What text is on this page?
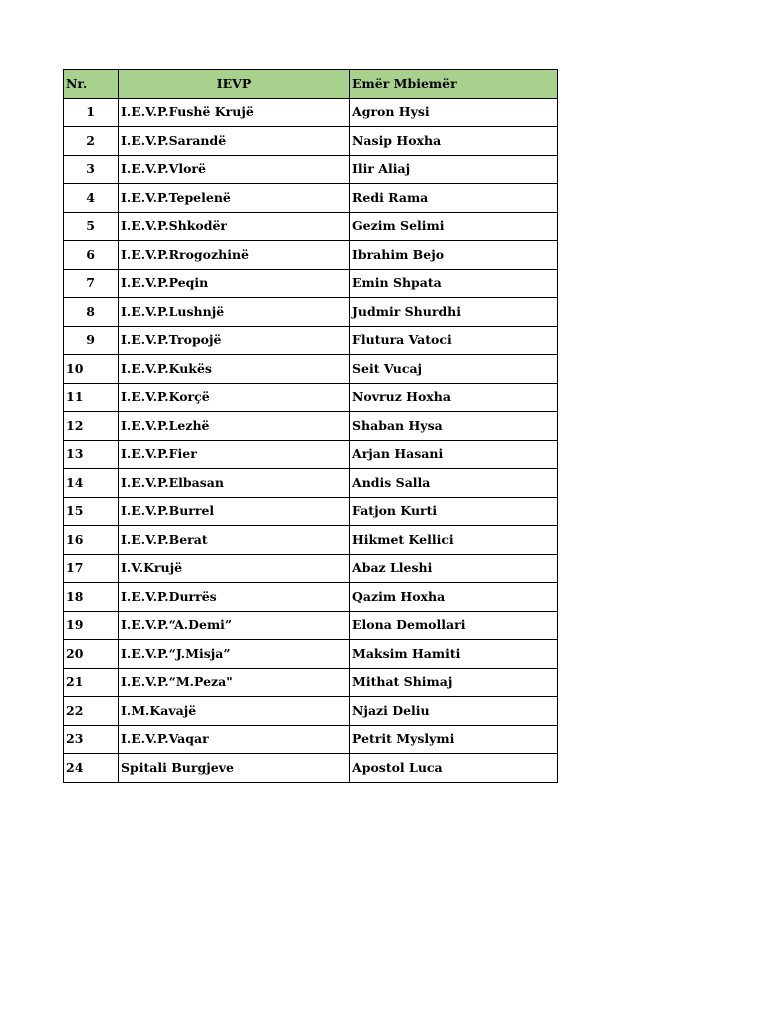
Nr.	IEVP	Emër Mbiemër
1	I.E.V.P.Fushë Krujë	Agron Hysi
2	I.E.V.P.Sarandë	Nasip Hoxha
3	I.E.V.P.Vlorë	Ilir Aliaj
4	I.E.V.P.Tepelenë	Redi Rama
5	I.E.V.P.Shkodër	Gezim Selimi
6	I.E.V.P.Rrogozhinë	Ibrahim Bejo
7	I.E.V.P.Peqin	Emin Shpata
8	I.E.V.P.Lushnjë	Judmir Shurdhi
9	I.E.V.P.Tropojë	Flutura Vatoci
10	I.E.V.P.Kukës	Seit Vucaj
11	I.E.V.P.Korçë	Novruz Hoxha
12	I.E.V.P.Lezhë	Shaban Hysa
13	I.E.V.P.Fier	Arjan Hasani
14	I.E.V.P.Elbasan	Andis Salla
15	I.E.V.P.Burrel	Fatjon Kurti
16	I.E.V.P.Berat	Hikmet Kellici
17	I.V.Krujë	Abaz Lleshi
18	I.E.V.P.Durrës	Qazim Hoxha
19	I.E.V.P.“A.Demi”	Elona Demollari
20	I.E.V.P.“J.Misja”	Maksim Hamiti
21	I.E.V.P.“M.Peza"	Mithat Shimaj
22	I.M.Kavajë	Njazi Deliu
23	I.E.V.P.Vaqar	Petrit Myslymi
24	Spitali Burgjeve	Apostol Luca
